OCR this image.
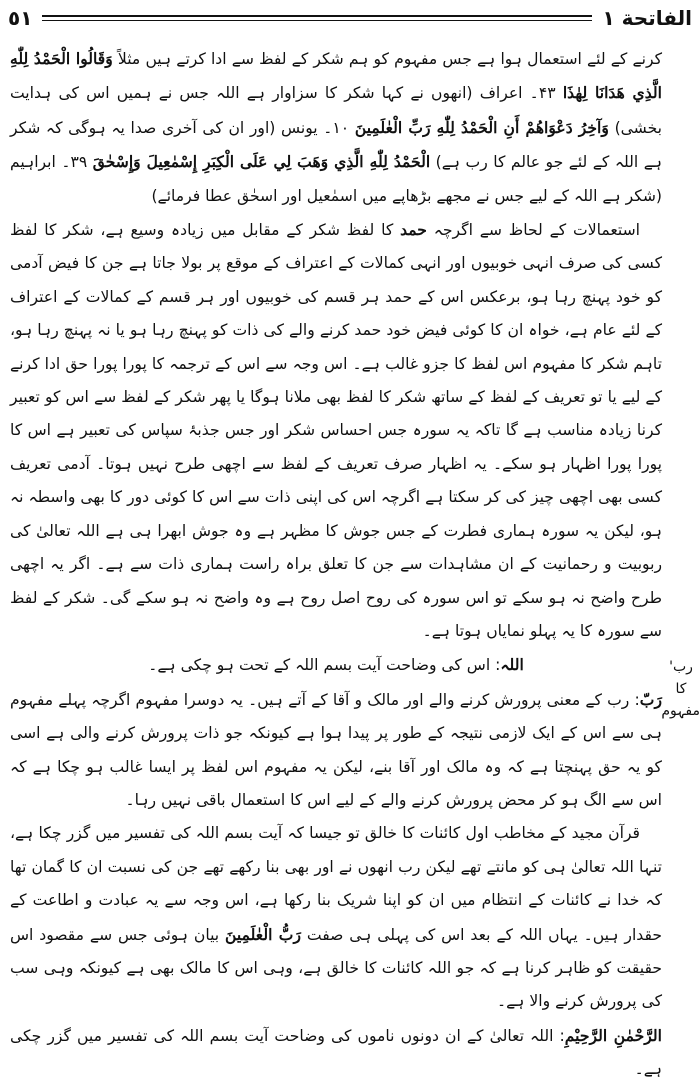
٥١	الفاتحة ١
رب' کا مفہوم

کرنے کے لئے استعمال ہوا ہے جس مفہوم کو ہم شکر کے لفظ سے ادا کرتے ہیں مثلاً وَقَالُوا الْحَمْدُ لِلّٰهِ الَّذِي هَدَانَا لِهٰذَا ۴۳۔ اعراف (انھوں نے کہا شکر کا سزاوار ہے اللہ جس نے ہمیں اس کی ہدایت بخشی) وَآخِرُ دَعْوَاهُمْ أَنِ الْحَمْدُ لِلّٰهِ رَبِّ الْعٰلَمِينَ ۱۰۔ یونس (اور ان کی آخری صدا یہ ہوگی کہ شکر ہے اللہ کے لئے جو عالم کا رب ہے) الْحَمْدُ لِلّٰهِ الَّذِي وَهَبَ لِي عَلَى الْكِبَرِ إِسْمٰعِيلَ وَإِسْحٰقَ ۳۹۔ ابراہیم (شکر ہے اللہ کے لیے جس نے مجھے بڑھاپے میں اسمٰعیل اور اسحٰق عطا فرمائے)

استعمالات کے لحاظ سے اگرچہ حمد کا لفظ شکر کے مقابل میں زیادہ وسیع ہے، شکر کا لفظ کسی کی صرف انہی خوبیوں اور انہی کمالات کے اعتراف کے موقع پر بولا جاتا ہے جن کا فیض آدمی کو خود پہنچ رہا ہو، برعکس اس کے حمد ہر قسم کی خوبیوں اور ہر قسم کے کمالات کے اعتراف کے لئے عام ہے، خواہ ان کا کوئی فیض خود حمد کرنے والے کی ذات کو پہنچ رہا ہو یا نہ پہنچ رہا ہو، تاہم شکر کا مفہوم اس لفظ کا جزو غالب ہے۔ اس وجہ سے اس کے ترجمہ کا پورا پورا حق ادا کرنے کے لیے یا تو تعریف کے لفظ کے ساتھ شکر کا لفظ بھی ملانا ہوگا یا پھر شکر کے لفظ سے اس کو تعبیر کرنا زیادہ مناسب ہے گا تاکہ یہ سورہ جس احساس شکر اور جس جذبۂ سپاس کی تعبیر ہے اس کا پورا پورا اظہار ہو سکے۔ یہ اظہار صرف تعریف کے لفظ سے اچھی طرح نہیں ہوتا۔ آدمی تعریف کسی بھی اچھی چیز کی کر سکتا ہے اگرچہ اس کی اپنی ذات سے اس کا کوئی دور کا بھی واسطہ نہ ہو، لیکن یہ سورہ ہماری فطرت کے جس جوش کا مظہر ہے وہ جوش ابھرا ہی ہے اللہ تعالیٰ کی ربوبیت و رحمانیت کے ان مشاہدات سے جن کا تعلق براہ راست ہماری ذات سے ہے۔ اگر یہ اچھی طرح واضح نہ ہو سکے تو اس سورہ کی روح اصل روح ہے وہ واضح نہ ہو سکے گی۔ شکر کے لفظ سے سورہ کا یہ پہلو نمایاں ہوتا ہے۔

اللہ: اس کی وضاحت آیت بسم اللہ کے تحت ہو چکی ہے۔

رَبّ: رب کے معنی پرورش کرنے والے اور مالک و آقا کے آتے ہیں۔ یہ دوسرا مفہوم اگرچہ پہلے مفہوم ہی سے اس کے ایک لازمی نتیجہ کے طور پر پیدا ہوا ہے کیونکہ جو ذات پرورش کرنے والی ہے اسی کو یہ حق پہنچتا ہے کہ وہ مالک اور آقا بنے، لیکن یہ مفہوم اس لفظ پر ایسا غالب ہو چکا ہے کہ اس سے الگ ہو کر محض پرورش کرنے والے کے لیے اس کا استعمال باقی نہیں رہا۔

قرآن مجید کے مخاطب اول کائنات کا خالق تو جیسا کہ آیت بسم اللہ کی تفسیر میں گزر چکا ہے، تنہا اللہ تعالیٰ ہی کو مانتے تھے لیکن رب انھوں نے اور بھی بنا رکھے تھے جن کی نسبت ان کا گمان تھا کہ خدا نے کائنات کے انتظام میں ان کو اپنا شریک بنا رکھا ہے، اس وجہ سے یہ عبادت و اطاعت کے حقدار ہیں۔ یہاں اللہ کے بعد اس کی پہلی ہی صفت رَبُّ الْعٰلَمِينَ بیان ہوئی جس سے مقصود اس حقیقت کو ظاہر کرنا ہے کہ جو اللہ کائنات کا خالق ہے، وہی اس کا مالک بھی ہے کیونکہ وہی سب کی پرورش کرنے والا ہے۔

الرَّحْمٰنِ الرَّحِيْمِ: اللہ تعالیٰ کے ان دونوں ناموں کی وضاحت آیت بسم اللہ کی تفسیر میں گزر چکی ہے۔
